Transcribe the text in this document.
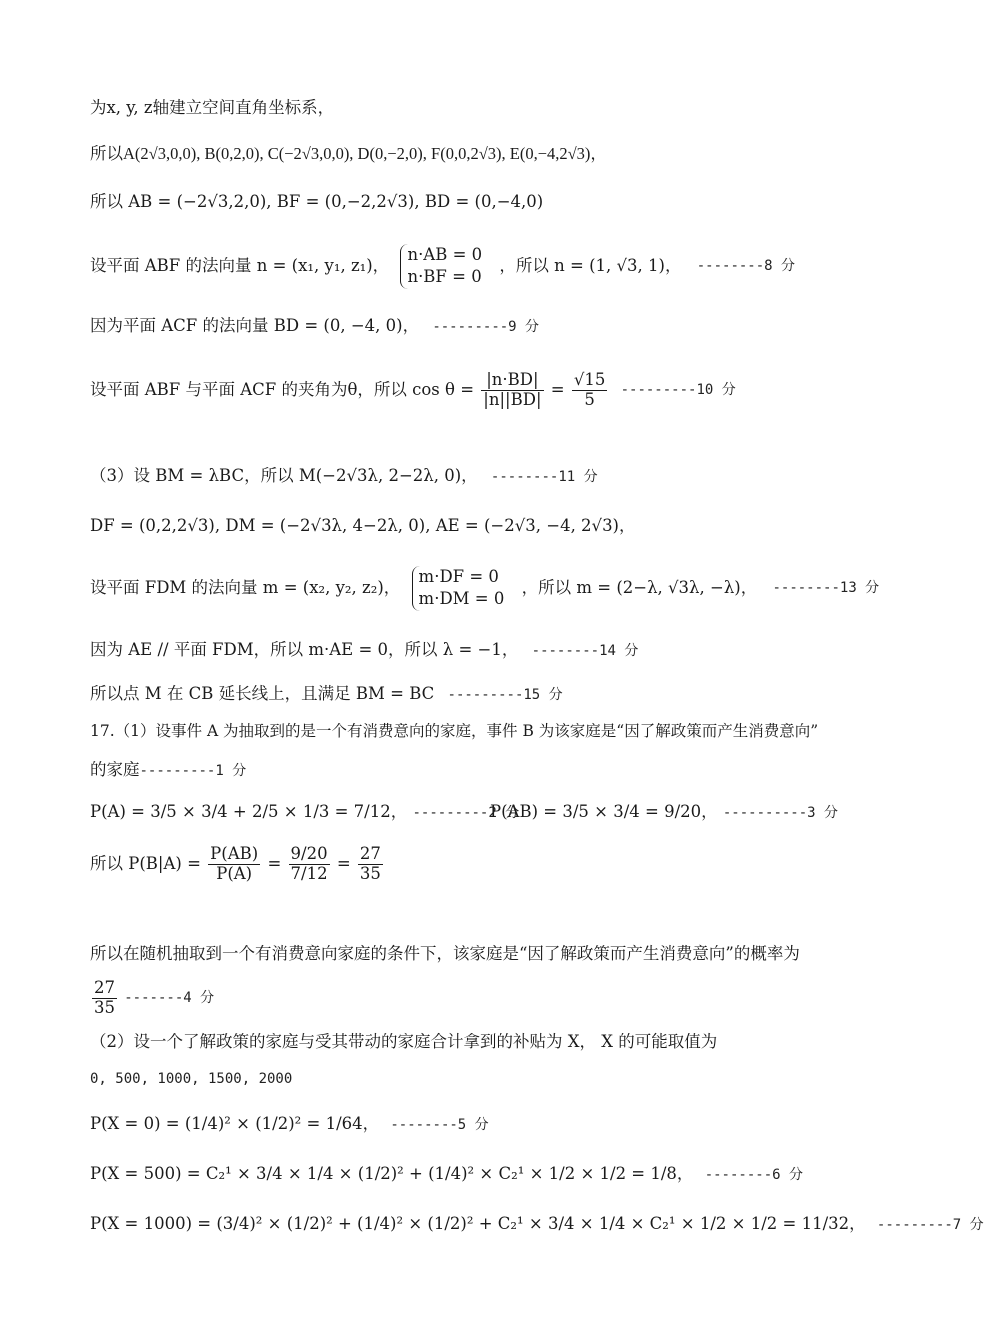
为x, y, z轴建立空间直角坐标系，
所以A(2√3,0,0), B(0,2,0), C(−2√3,0,0), D(0,−2,0), F(0,0,2√3), E(0,−4,2√3)，
所以 AB = (−2√3,2,0), BF = (0,−2,2√3), BD = (0,−4,0)
设平面 ABF 的法向量 n = (x₁, y₁, z₁)，
n·AB = 0
n·BF = 0
，所以 n = (1, √3, 1)， --------8 分
因为平面 ACF 的法向量 BD = (0, −4, 0)， ---------9 分
设平面 ABF 与平面 ACF 的夹角为θ，所以 $\cos \theta = \frac{|n\cdot BD|}{|n||BD|} = \frac{√15}{5} ---------10$ 分
（3）设 BM = λBC，所以 M(−2√3λ, 2−2λ, 0)， --------11 分
DF = (0,2,2√3), DM = (−2√3λ, 4−2λ, 0), AE = (−2√3, −4, 2√3)，
设平面 FDM 的法向量 m = (x₂, y₂, z₂)，
m·DF = 0
m·DM = 0
，所以 m = (2−λ, √3λ, −λ)， --------13 分
因为 AE // 平面 FDM，所以 m·AE = 0，所以 λ = −1， --------14 分
所以点 M 在 CB 延长线上，且满足 BM = BC ---------15 分
17.（1）设事件 A 为抽取到的是一个有消费意向的家庭，事件 B 为该家庭是“因了解政策而产生消费意向”
的家庭---------1 分
P(A) = 3/5 × 3/4 + 2/5 × 1/3 = 7/12， ---------2 分
P(AB) = 3/5 × 3/4 = 9/20， ----------3 分
所以 $P(B|A) = \frac{P(AB)}{P(A)} = \frac{9/20}{7/12} = \frac{27}{35}$
所以在随机抽取到一个有消费意向家庭的条件下，该家庭是“因了解政策而产生消费意向”的概率为
$\frac{27}{35} -------4$ 分
（2）设一个了解政策的家庭与受其带动的家庭合计拿到的补贴为 X， X 的可能取值为
0, 500, 1000, 1500, 2000
P(X = 0) = (1/4)² × (1/2)² = 1/64， --------5 分
P(X = 500) = C₂¹ × 3/4 × 1/4 × (1/2)² + (1/4)² × C₂¹ × 1/2 × 1/2 = 1/8， --------6 分
P(X = 1000) = (3/4)² × (1/2)² + (1/4)² × (1/2)² + C₂¹ × 3/4 × 1/4 × C₂¹ × 1/2 × 1/2 = 11/32， ---------7 分
